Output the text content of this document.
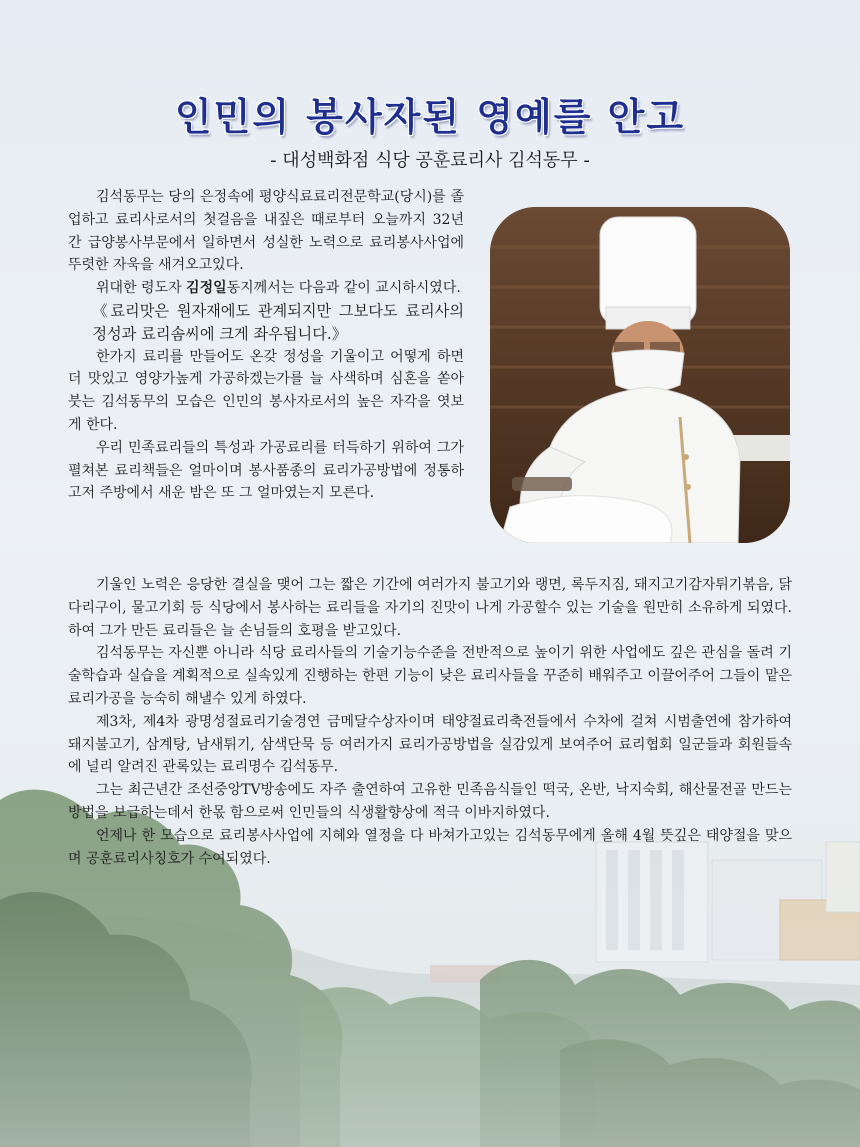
인민의 봉사자된 영예를 안고
- 대성백화점 식당 공훈료리사 김석동무 -

김석동무는 당의 은정속에 평양식료료리전문학교(당시)를 졸업하고 료리사로서의 첫걸음을 내짚은 때로부터 오늘까지 32년간 급양봉사부문에서 일하면서 성실한 노력으로 료리봉사사업에 뚜렷한 자욱을 새겨오고있다.

위대한 령도자 김정일동지께서는 다음과 같이 교시하시였다.

《료리맛은 원자재에도 관계되지만 그보다도 료리사의 정성과 료리솜씨에 크게 좌우됩니다.》

한가지 료리를 만들어도 온갖 정성을 기울이고 어떻게 하면 더 맛있고 영양가높게 가공하겠는가를 늘 사색하며 심혼을 쏟아붓는 김석동무의 모습은 인민의 봉사자로서의 높은 자각을 엿보게 한다.

우리 민족료리들의 특성과 가공료리를 터득하기 위하여 그가 펼쳐본 료리책들은 얼마이며 봉사품종의 료리가공방법에 정통하고저 주방에서 새운 밤은 또 그 얼마였는지 모른다.

기울인 노력은 응당한 결실을 맺어 그는 짧은 기간에 여러가지 불고기와 랭면, 록두지짐, 돼지고기감자튀기볶음, 닭다리구이, 물고기회 등 식당에서 봉사하는 료리들을 자기의 진맛이 나게 가공할수 있는 기술을 원만히 소유하게 되였다. 하여 그가 만든 료리들은 늘 손님들의 호평을 받고있다.

김석동무는 자신뿐 아니라 식당 료리사들의 기술기능수준을 전반적으로 높이기 위한 사업에도 깊은 관심을 돌려 기술학습과 실습을 계획적으로 실속있게 진행하는 한편 기능이 낮은 료리사들을 꾸준히 배워주고 이끌어주어 그들이 맡은 료리가공을 능숙히 해낼수 있게 하였다.

제3차, 제4차 광명성절료리기술경연 금메달수상자이며 태양절료리축전들에서 수차에 걸쳐 시범출연에 참가하여 돼지불고기, 삼계탕, 남새튀기, 삼색단묵 등 여러가지 료리가공방법을 실감있게 보여주어 료리협회 일군들과 회원들속에 널리 알려진 관록있는 료리명수 김석동무.

그는 최근년간 조선중앙TV방송에도 자주 출연하여 고유한 민족음식들인 떡국, 온반, 낙지숙회, 해산물전골 만드는 방법을 보급하는데서 한몫 함으로써 인민들의 식생활향상에 적극 이바지하였다.

언제나 한 모습으로 료리봉사사업에 지혜와 열정을 다 바쳐가고있는 김석동무에게 올해 4월 뜻깊은 태양절을 맞으며 공훈료리사칭호가 수여되였다.
